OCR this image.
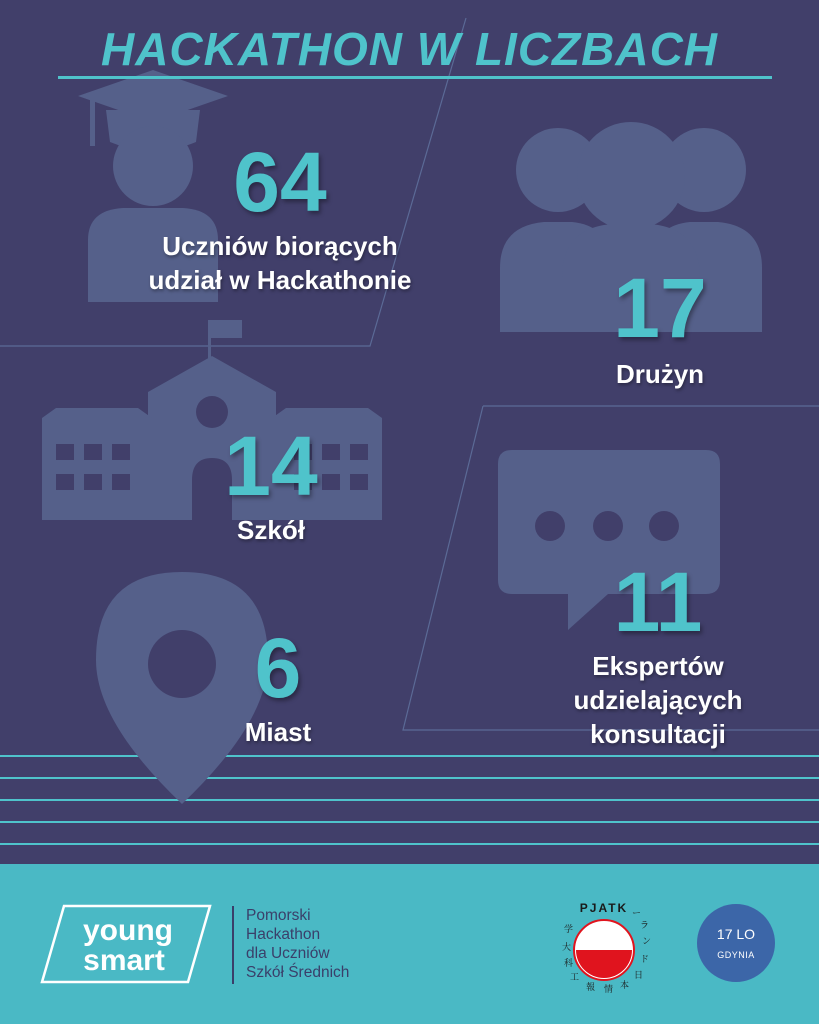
HACKATHON W LICZBACH
64
Uczniów biorących
udział w Hackathonie	17
Drużyn
14
Szkół
11
Ekspertów
udzielających
konsultacji
6
Miast
young
smart
Pomorski
Hackathon
dla Uczniów
Szkół Średnich
PJATK
学
大
科
工
報 情 本
日
ド
ン
ラ
ー
17 LO
GDYNIA
